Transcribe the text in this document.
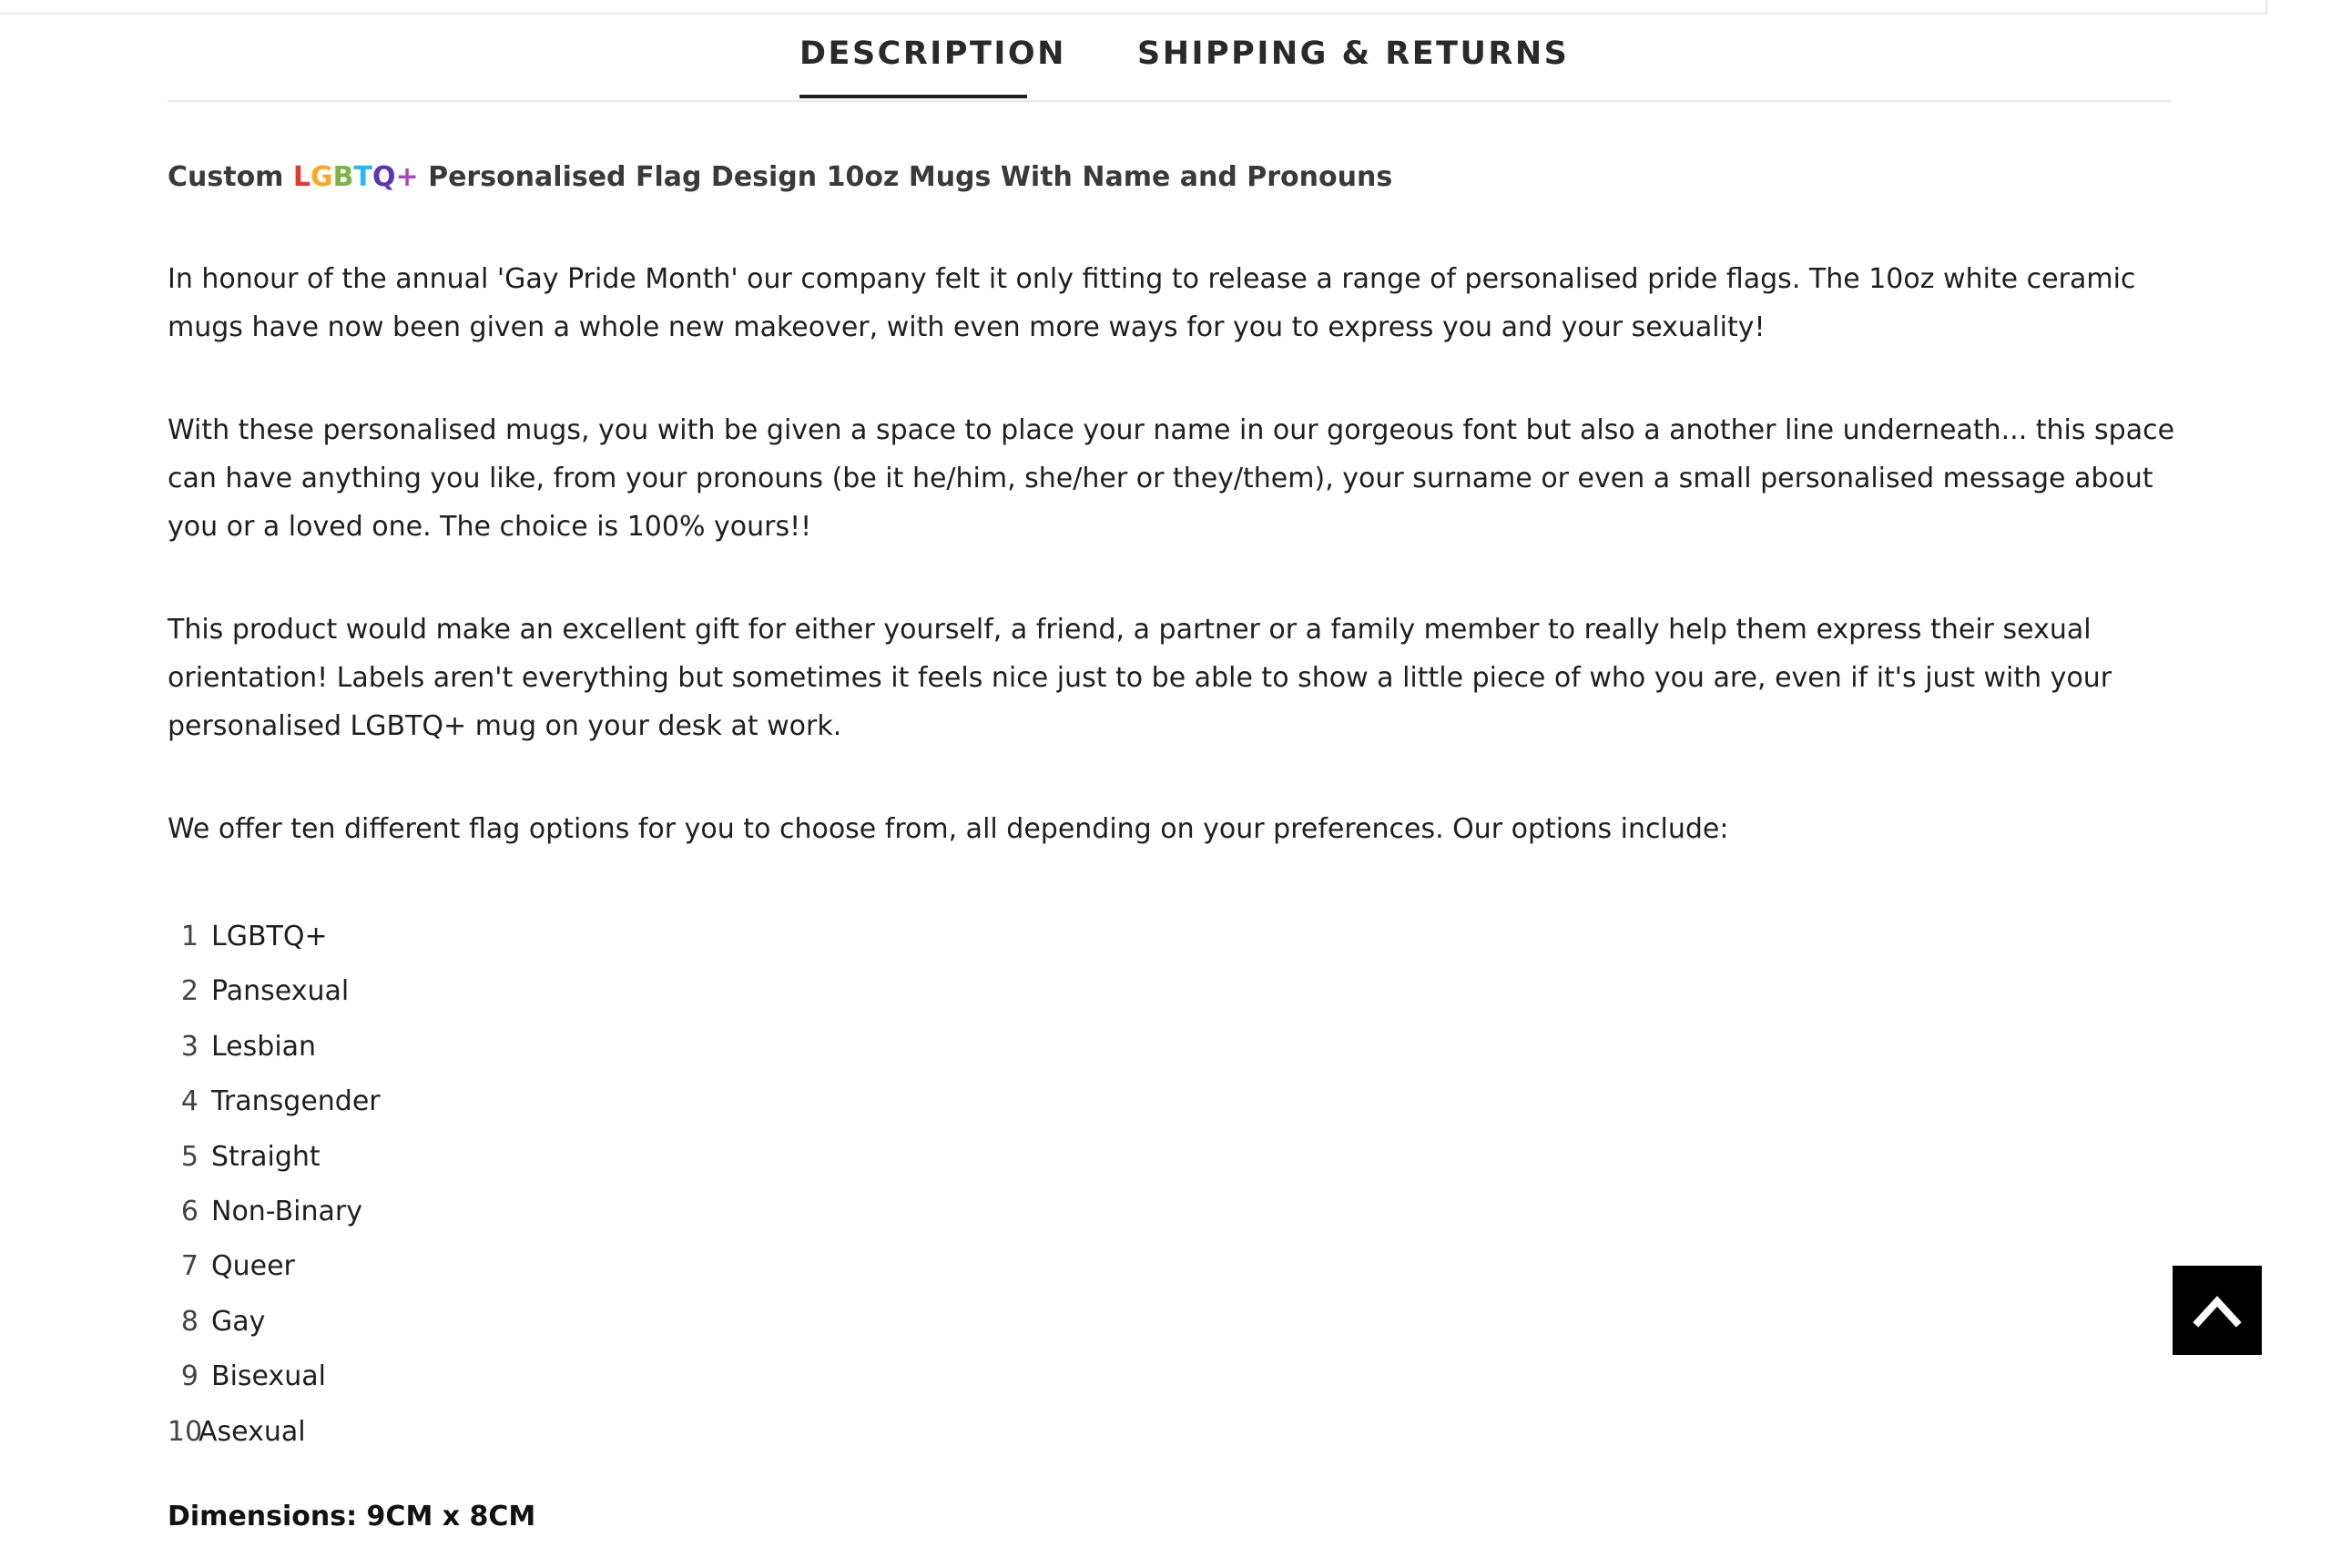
DESCRIPTION SHIPPING & RETURNS

Custom LGBTQ+ Personalised Flag Design 10oz Mugs With Name and Pronouns

In honour of the annual 'Gay Pride Month' our company felt it only fitting to release a range of personalised pride flags. The 10oz white ceramic mugs have now been given a whole new makeover, with even more ways for you to express you and your sexuality!

With these personalised mugs, you with be given a space to place your name in our gorgeous font but also a another line underneath... this space can have anything you like, from your pronouns (be it he/him, she/her or they/them), your surname or even a small personalised message about you or a loved one. The choice is 100% yours!!

This product would make an excellent gift for either yourself, a friend, a partner or a family member to really help them express their sexual orientation! Labels aren't everything but sometimes it feels nice just to be able to show a little piece of who you are, even if it's just with your personalised LGBTQ+ mug on your desk at work.

We offer ten different flag options for you to choose from, all depending on your preferences. Our options include:

1 LGBTQ+
2 Pansexual
3 Lesbian
4 Transgender
5 Straight
6 Non-Binary
7 Queer
8 Gay
9 Bisexual
10Asexual

Dimensions: 9CM x 8CM
